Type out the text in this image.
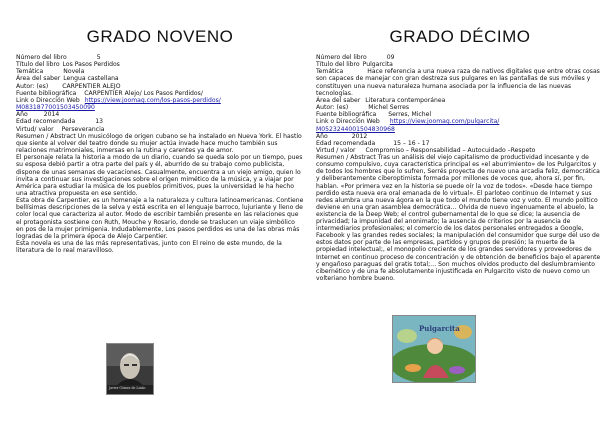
GRADO NOVENO
Número del libro	5
Título del libro Los Pasos Perdidos
Temática	Novela
Área del saber Lengua castellana
Autor: (es) CARPENTIER ALEJO
Fuente bibliográfica CARPENTIER Alejo/ Los Pasos Perdidos/
Link o Dirección Web https://view.joomag.com/los-pasos-perdidos/
M0831877001503450090
Año	2014
Edad recomendada	13
Virtud/ valor Perseverancia

Resumen / Abstract Un musicólogo de origen cubano se ha instalado en Nueva York. El hastío que siente al volver del teatro donde su mujer actúa invade hace mucho también sus relaciones matrimoniales, inmersas en la rutina y carentes ya de amor.

El personaje relata la historia a modo de un diario, cuando se queda solo por un tiempo, pues su esposa debió partir a otra parte del país y él, aburrido de su trabajo como publicista, dispone de unas semanas de vacaciones. Casualmente, encuentra a un viejo amigo, quien lo invita a continuar sus investigaciones sobre el origen mimético de la música, y a viajar por América para estudiar la música de los pueblos primitivos, pues la universidad le ha hecho una atractiva propuesta en ese sentido.

Esta obra de Carpentier, es un homenaje a la naturaleza y cultura latinoamericanas. Contiene bellísimas descripciones de la selva y está escrita en el lenguaje barroco, lujuriante y lleno de color local que caracteriza al autor. Modo de escribir también presente en las relaciones que el protagonista sostiene con Ruth, Mouche y Rosario, donde se traslucen un viaje simbólico en pos de la mujer primigenia. Indudablemente, Los pasos perdidos es una de las obras más logradas de la primera época de Alejo Carpentier.

Esta novela es una de las más representativas, junto con El reino de este mundo, de la literatura de lo real maravilloso.

Javier Gómez de Liaño
GRADO DÉCIMO
Número del libro	09
Título del libro Pulgarcita

Temática	Hace referencia a una nueva raza de nativos digitales que entre otras cosas son capaces de manejar con gran destreza sus pulgares en las pantallas de sus móviles y constituyen una nueva naturaleza humana asociada por la influencia de las nuevas tecnologías.

Área del saber Literatura contemporánea
Autor: (es)	Michel Serres
Fuente bibliográfica Serres, Michel
Link o Dirección Web https://view.joomag.com/pulgarcita/
M0523244001504830968
Año	2012
Edad recomendada	15 – 16 - 17
Virtud / valor Compromiso – Responsabilidad – Autocuidado –Respeto

Resumen / Abstract Tras un análisis del viejo capitalismo de productividad incesante y de consumo compulsivo, cuya característica principal es «el aburrimiento» de los Pulgarcitos y de todos los hombres que lo sufren, Serrés proyecta de nuevo una arcadia feliz, democrática y deliberantemente ciberoptimista formada por millones de voces que, ahora sí, por fin, hablan. «Por primera vez en la historia se puede oír la voz de todos». «Desde hace tiempo perdido esta nueva era oral emanada de lo virtual». El parloteo continuo de Internet y sus redes alumbra una nueva ágora en la que todo el mundo tiene voz y voto. El mundo político deviene en una gran asamblea democrática… Olvida de nuevo ingenuamente el abuelo, la existencia de la Deep Web; el control gubernamental de lo que se dice; la ausencia de privacidad; la impunidad del anonimato; la ausencia de criterios por la ausencia de intermediarios profesionales; el comercio de los datos personales entregados a Google, Facebook y las grandes redes sociales; la manipulación del consumidor que surge del uso de estos datos por parte de las empresas, partidos y grupos de presión; la muerte de la propiedad intelectual;, el monopolio creciente de los grandes servidores y proveedores de Internet en continuo proceso de concentración y de obtención de beneficios bajo el aparente y engañoso paraguas del gratis total;… Son muchos olvidos producto del deslumbramiento cibernético y de una fe absolutamente injustificada en Pulgarcito visto de nuevo como un volteriano hombre bueno.

Pulgarcita
